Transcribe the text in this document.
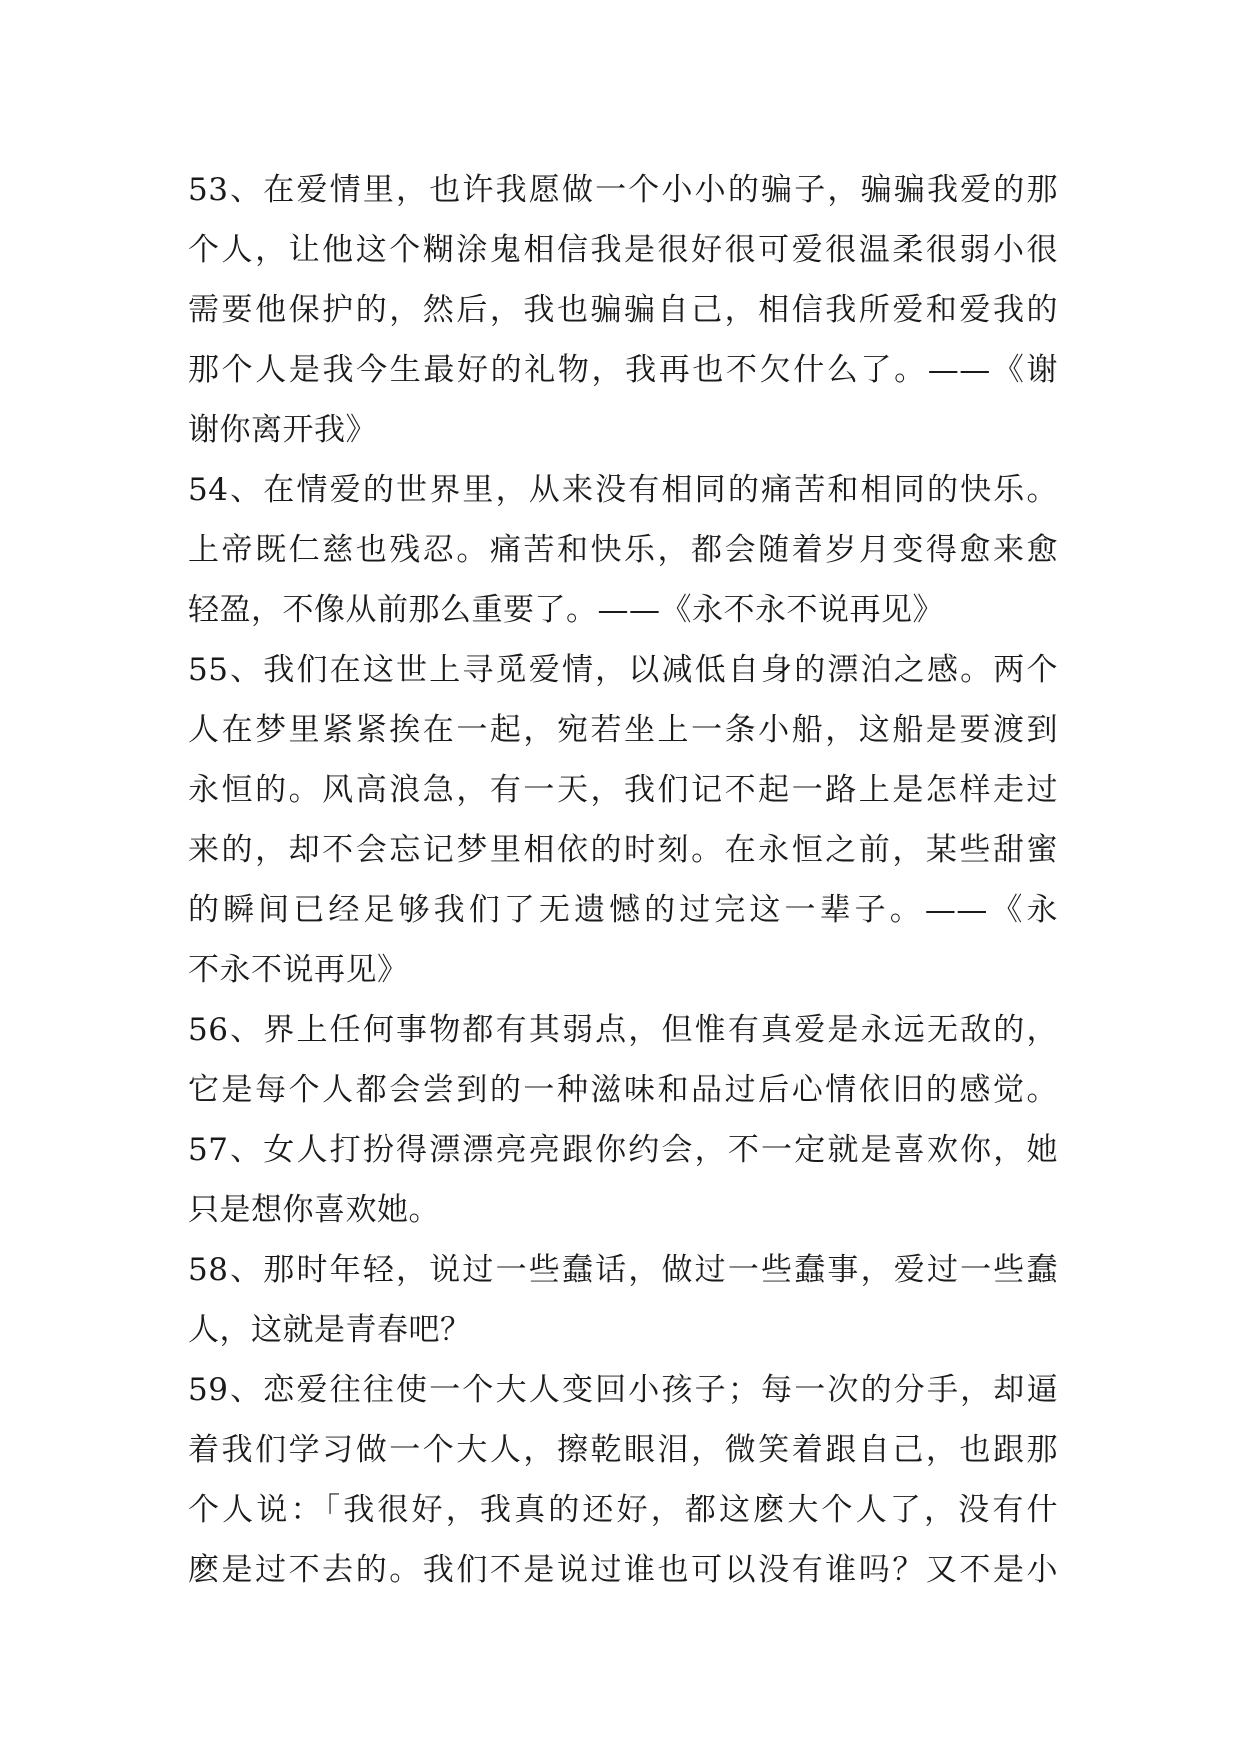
53、在爱情里，也许我愿做一个小小的骗子，骗骗我爱的那
个人，让他这个糊涂鬼相信我是很好很可爱很温柔很弱小很
需要他保护的，然后，我也骗骗自己，相信我所爱和爱我的
那个人是我今生最好的礼物，我再也不欠什么了。——《谢
谢你离开我》
54、在情爱的世界里，从来没有相同的痛苦和相同的快乐。
上帝既仁慈也残忍。痛苦和快乐，都会随着岁月变得愈来愈
轻盈，不像从前那么重要了。——《永不永不说再见》
55、我们在这世上寻觅爱情，以减低自身的漂泊之感。两个
人在梦里紧紧挨在一起，宛若坐上一条小船，这船是要渡到
永恒的。风高浪急，有一天，我们记不起一路上是怎样走过
来的，却不会忘记梦里相依的时刻。在永恒之前，某些甜蜜
的瞬间已经足够我们了无遗憾的过完这一辈子。——《永
不永不说再见》
56、界上任何事物都有其弱点，但惟有真爱是永远无敌的，
它是每个人都会尝到的一种滋味和品过后心情依旧的感觉。
57、女人打扮得漂漂亮亮跟你约会，不一定就是喜欢你，她
只是想你喜欢她。
58、那时年轻，说过一些蠢话，做过一些蠢事，爱过一些蠢
人，这就是青春吧？
59、恋爱往往使一个大人变回小孩子；每一次的分手，却逼
着我们学习做一个大人，擦乾眼泪，微笑着跟自己，也跟那
个人说：「我很好，我真的还好，都这麽大个人了，没有什
麽是过不去的。我们不是说过谁也可以没有谁吗？又不是小
